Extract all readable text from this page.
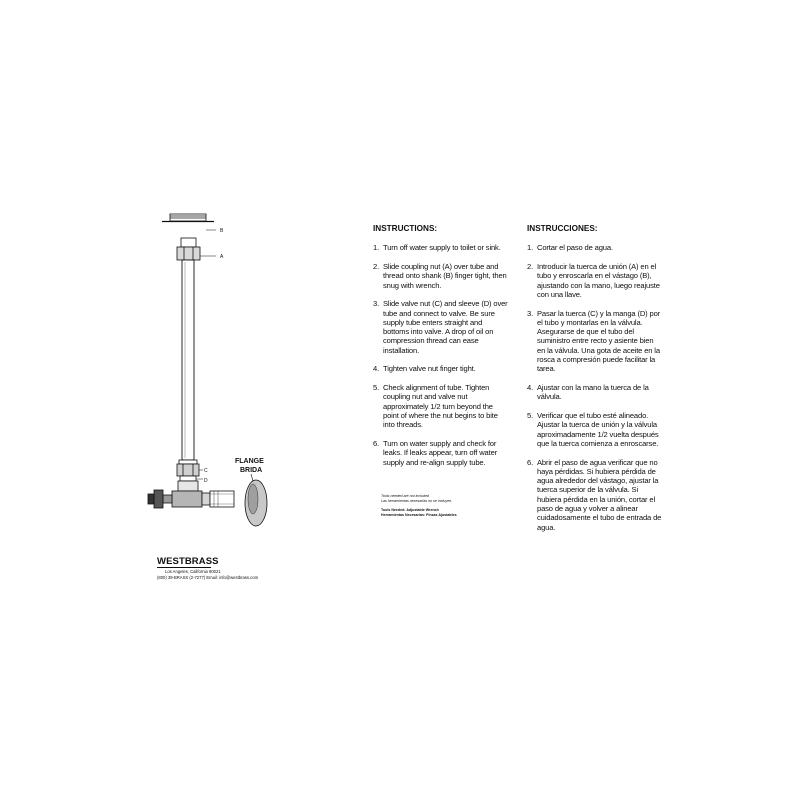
B
A
C
D
FLANGE
BRIDA
WESTBRASS
Los Angeles, California 90021
(800) 39-BRASS (2-7277) Email: info@westbrass.com
Tools needed are not included
Las herramientas necesarias no se incluyen.
Tools Needed: Adjustable Wrench
Herramientas Necesarias: Pinzas Ajustables
INSTRUCTIONS:
1. Turn off water supply to toilet or sink.
2. Slide coupling nut (A) over tube and thread onto shank (B) finger tight, then snug with wrench.
3. Slide valve nut (C) and sleeve (D) over tube and connect to valve. Be sure supply tube enters straight and bottoms into valve. A drop of oil on compression thread can ease installation.
4. Tighten valve nut finger tight.
5. Check alignment of tube. Tighten coupling nut and valve nut approximately 1/2 turn beyond the point of where the nut begins to bite into threads.
6. Turn on water supply and check for leaks. If leaks appear, turn off water supply and re-align supply tube.
INSTRUCCIONES:
1. Cortar el paso de agua.
2. Introducir la tuerca de unión (A) en el tubo y enroscarla en el vástago (B), ajustando con la mano, luego reajuste con una llave.
3. Pasar la tuerca (C) y la manga (D) por el tubo y montarlas en la válvula. Asegurarse de que el tubo del suministro entre recto y asiente bien en la válvula. Una gota de aceite en la rosca a compresión puede facilitar la tarea.
4. Ajustar con la mano la tuerca de la válvula.
5. Verificar que el tubo esté alineado. Ajustar la tuerca de unión y la válvula aproximadamente 1/2 vuelta después que la tuerca comienza a enroscarse.
6. Abrir el paso de agua verificar que no haya pérdidas. Si hubiera pérdida de agua alrededor del vástago, ajustar la tuerca superior de la válvula. Si hubiera pérdida en la unión, cortar el paso de agua y volver a alinear cuidadosamente el tubo de entrada de agua.
